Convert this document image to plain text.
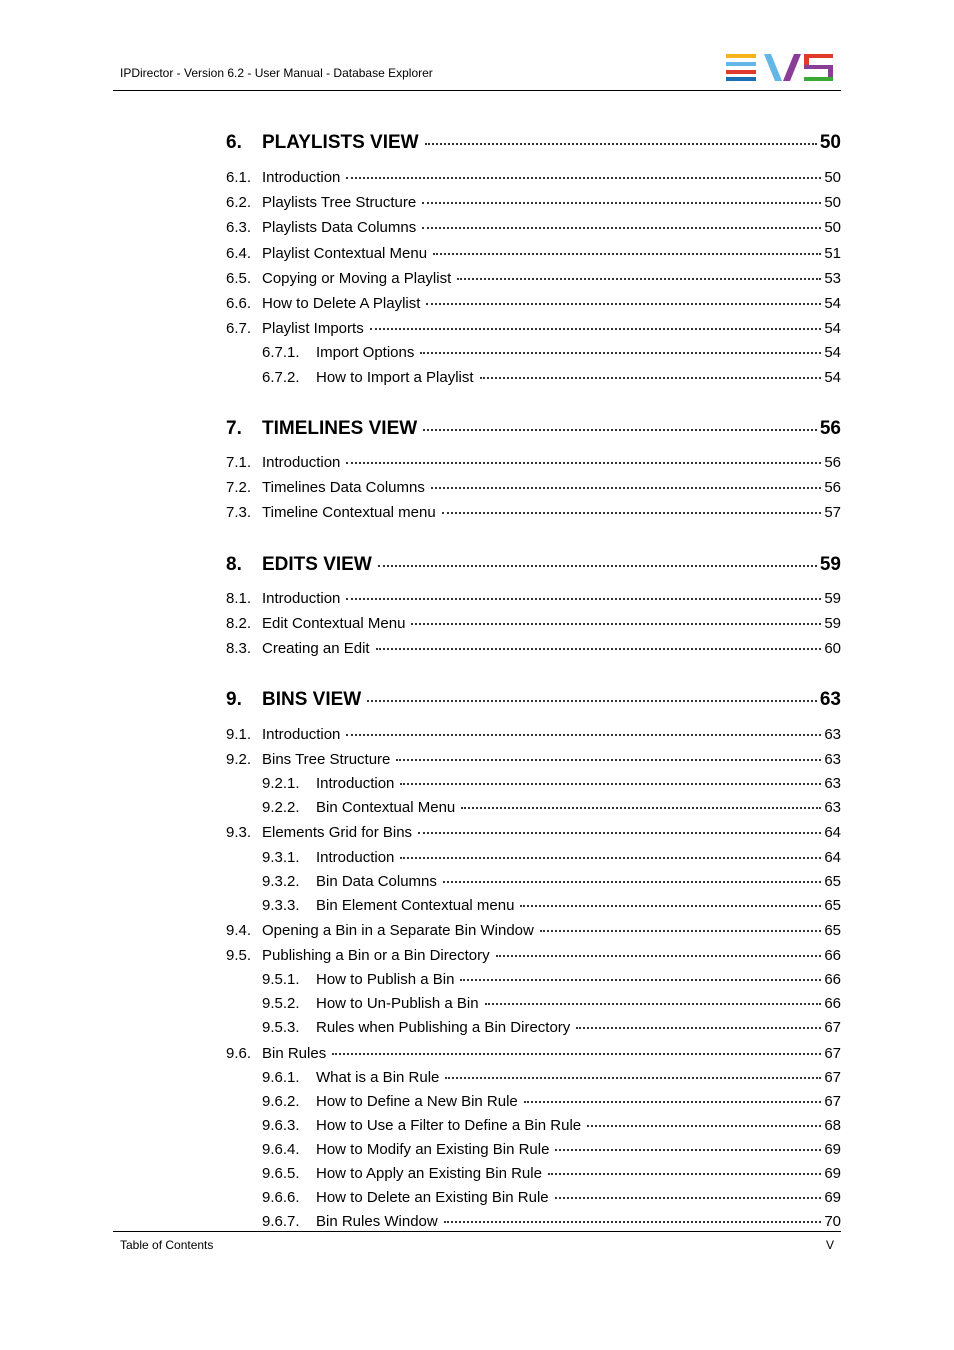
IPDirector - Version 6.2 - User Manual - Database Explorer
6.	PLAYLISTS VIEW	50
6.1. Introduction	50
6.2. Playlists Tree Structure	50
6.3. Playlists Data Columns	50
6.4. Playlist Contextual Menu	51
6.5. Copying or Moving a Playlist	53
6.6. How to Delete A Playlist	54
6.7. Playlist Imports	54
6.7.1.	Import Options	54
6.7.2.	How to Import a Playlist	54
7.	TIMELINES VIEW	56
7.1. Introduction	56
7.2. Timelines Data Columns	56
7.3. Timeline Contextual menu	57
8.	EDITS VIEW	59
8.1. Introduction	59
8.2. Edit Contextual Menu	59
8.3. Creating an Edit	60
9.	BINS VIEW	63
9.1. Introduction	63
9.2. Bins Tree Structure	63
9.2.1.	Introduction	63
9.2.2.	Bin Contextual Menu	63
9.3. Elements Grid for Bins	64
9.3.1.	Introduction	64
9.3.2.	Bin Data Columns	65
9.3.3.	Bin Element Contextual menu	65
9.4. Opening a Bin in a Separate Bin Window	65
9.5. Publishing a Bin or a Bin Directory	66
9.5.1.	How to Publish a Bin	66
9.5.2.	How to Un-Publish a Bin	66
9.5.3.	Rules when Publishing a Bin Directory	67
9.6. Bin Rules	67
9.6.1.	What is a Bin Rule	67
9.6.2.	How to Define a New Bin Rule	67
9.6.3.	How to Use a Filter to Define a Bin Rule	68
9.6.4.	How to Modify an Existing Bin Rule	69
9.6.5.	How to Apply an Existing Bin Rule	69
9.6.6.	How to Delete an Existing Bin Rule	69
9.6.7.	Bin Rules Window	70
Table of Contents	V
